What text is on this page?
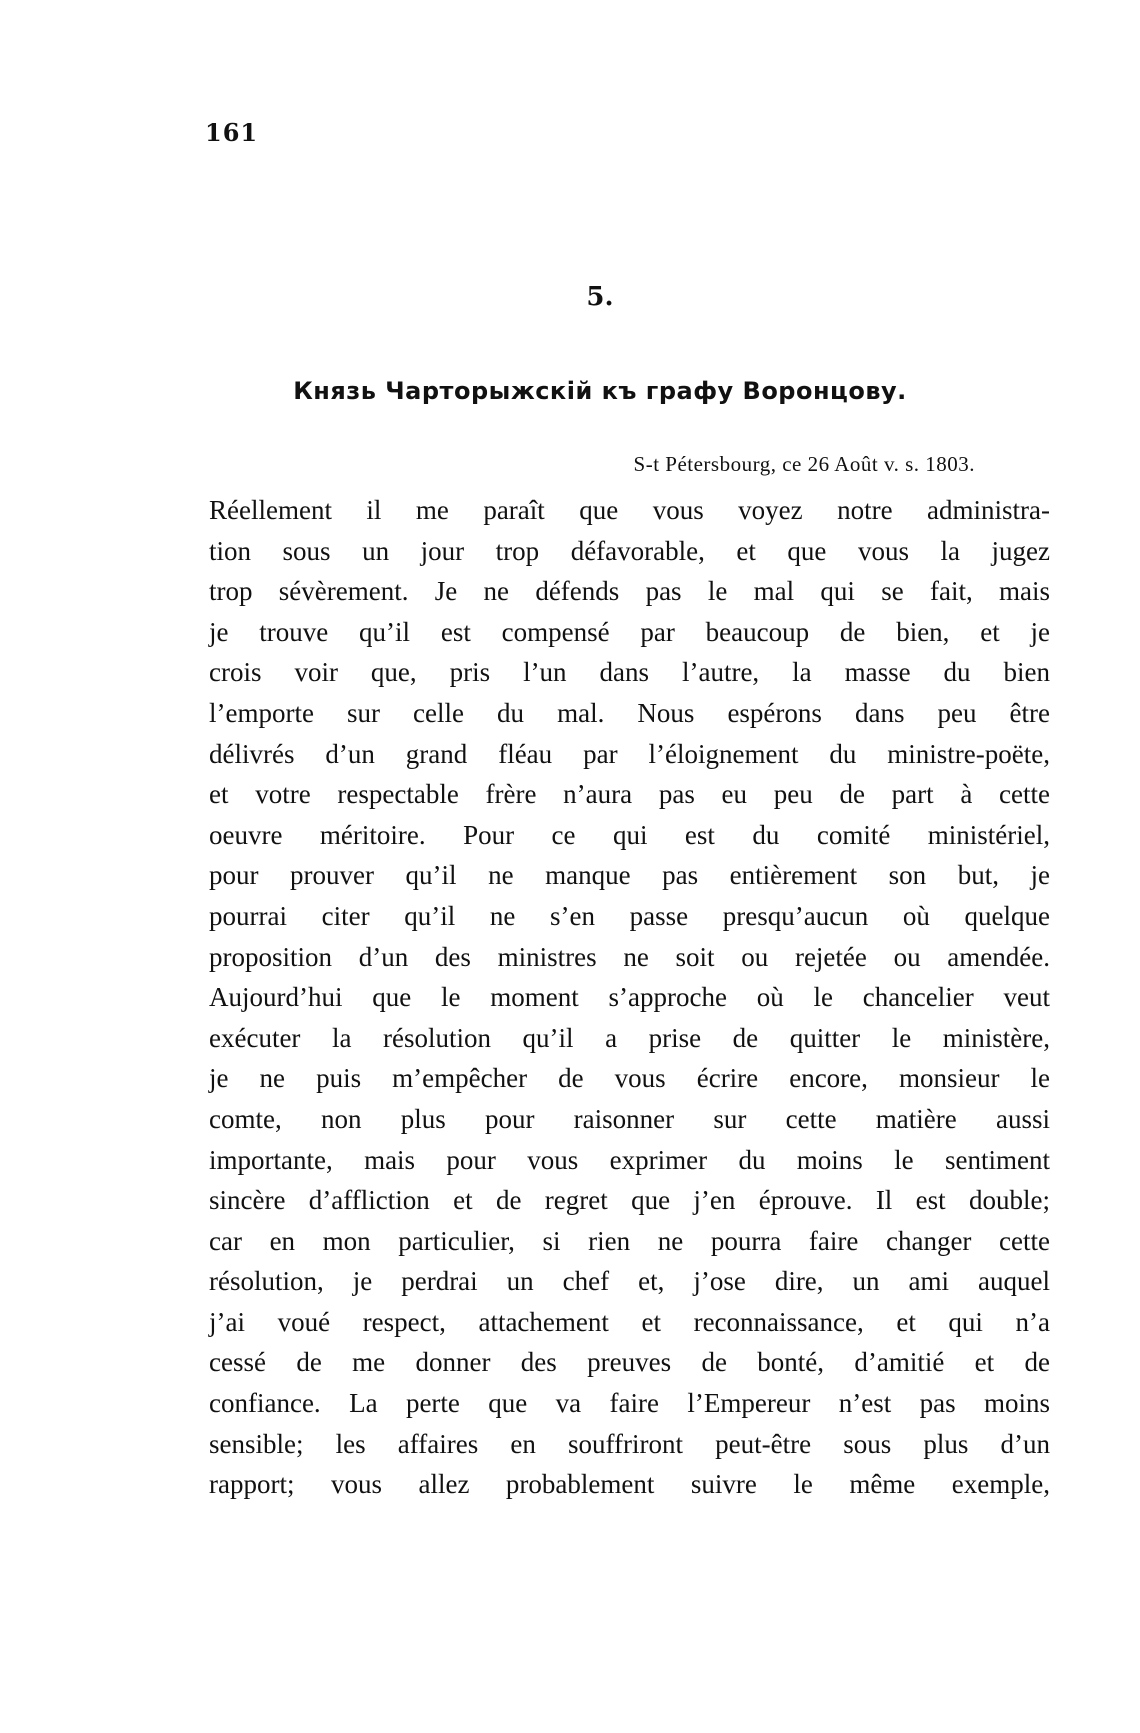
161
5.
Князь Чарторыжскій къ графу Воронцову.
S-t Pétersbourg, ce 26 Août v. s. 1803.
Réellement il me paraît que vous voyez notre administra-
tion sous un jour trop défavorable, et que vous la jugez
trop sévèrement. Je ne défends pas le mal qui se fait, mais
je trouve qu’il est compensé par beaucoup de bien, et je
crois voir que, pris l’un dans l’autre, la masse du bien
l’emporte sur celle du mal. Nous espérons dans peu être
délivrés d’un grand fléau par l’éloignement du ministre-poëte,
et votre respectable frère n’aura pas eu peu de part à cette
oeuvre méritoire. Pour ce qui est du comité ministériel,
pour prouver qu’il ne manque pas entièrement son but, je
pourrai citer qu’il ne s’en passe presqu’aucun où quelque
proposition d’un des ministres ne soit ou rejetée ou amendée.
Aujourd’hui que le moment s’approche où le chancelier veut
exécuter la résolution qu’il a prise de quitter le ministère,
je ne puis m’empêcher de vous écrire encore, monsieur le
comte, non plus pour raisonner sur cette matière aussi
importante, mais pour vous exprimer du moins le sentiment
sincère d’affliction et de regret que j’en éprouve. Il est double;
car en mon particulier, si rien ne pourra faire changer cette
résolution, je perdrai un chef et, j’ose dire, un ami auquel
j’ai voué respect, attachement et reconnaissance, et qui n’a
cessé de me donner des preuves de bonté, d’amitié et de
confiance. La perte que va faire l’Empereur n’est pas moins
sensible; les affaires en souffriront peut-être sous plus d’un
rapport; vous allez probablement suivre le même exemple,
